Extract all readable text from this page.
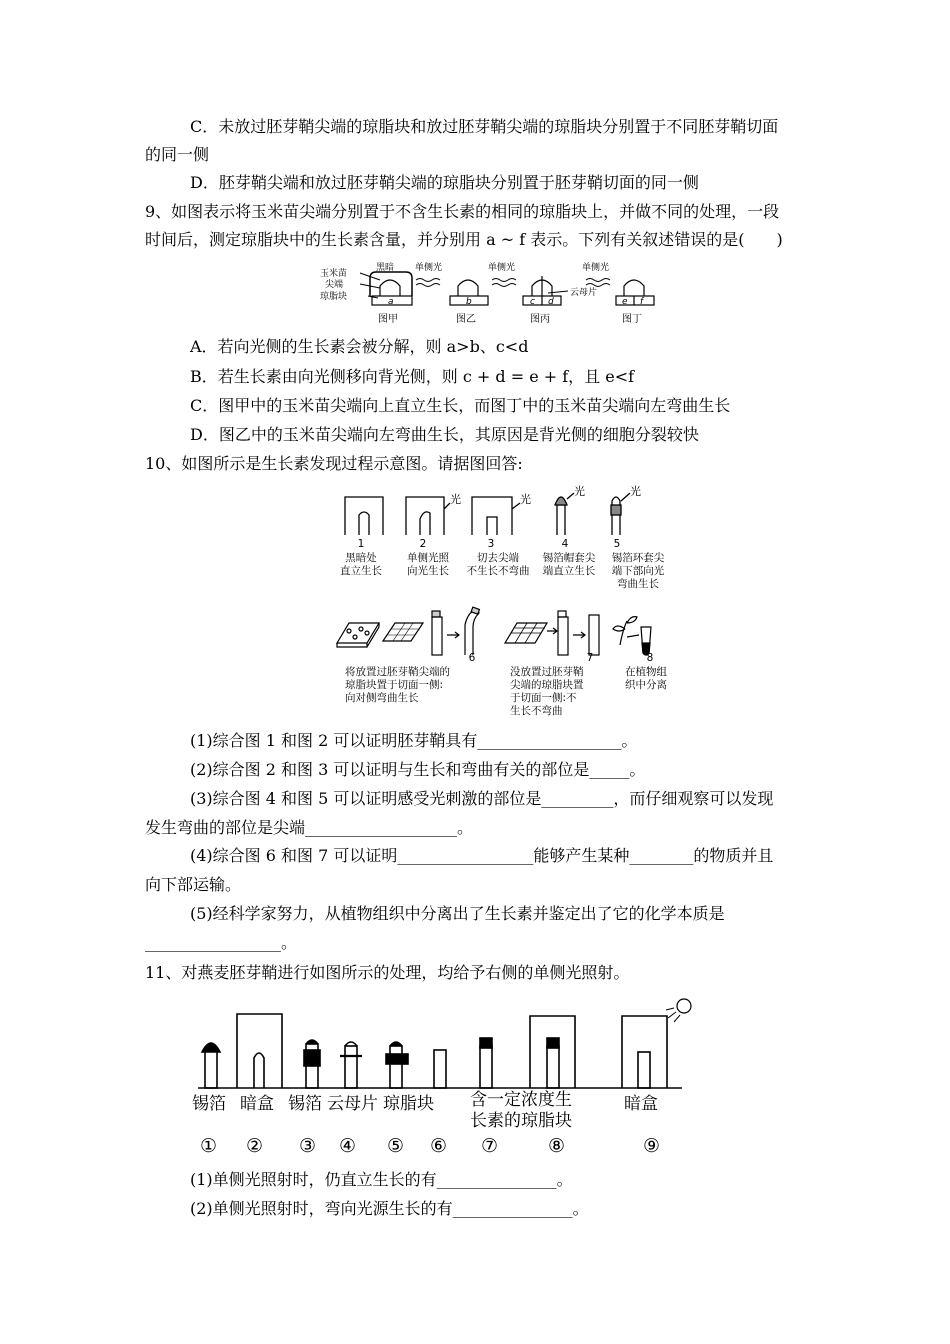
C．未放过胚芽鞘尖端的琼脂块和放过胚芽鞘尖端的琼脂块分别置于不同胚芽鞘切面
的同一侧
D．胚芽鞘尖端和放过胚芽鞘尖端的琼脂块分别置于胚芽鞘切面的同一侧
9、如图表示将玉米苗尖端分别置于不含生长素的相同的琼脂块上，并做不同的处理，一段
时间后，测定琼脂块中的生长素含量，并分别用 a ~ f 表示。下列有关叙述错误的是(　　)
玉米苗
尖端
琼脂块
黑暗 单侧光	单侧光	单侧光
云母片
a	b	c d	e f
图甲	图乙	图丙	图丁
A．若向光侧的生长素会被分解，则 a>b、c<d
B．若生长素由向光侧移向背光侧，则 c + d = e + f，且 e<f
C．图甲中的玉米苗尖端向上直立生长，而图丁中的玉米苗尖端向左弯曲生长
D．图乙中的玉米苗尖端向左弯曲生长，其原因是背光侧的细胞分裂较快
10、如图所示是生长素发现过程示意图。请据图回答:
光	光
光	光
1	2	3	4	5
黑暗处
直立生长
单侧光照
向光生长
切去尖端
不生长不弯曲
锡箔帽套尖
端直立生长
锡箔环套尖
端下部向光
弯曲生长
6	7	8
将放置过胚芽鞘尖端的
琼脂块置于切面一侧:
向对侧弯曲生长
没放置过胚芽鞘
尖端的琼脂块置
于切面一侧:不
生长不弯曲
在植物组
织中分离
(1)综合图 1 和图 2 可以证明胚芽鞘具有__________________。
(2)综合图 2 和图 3 可以证明与生长和弯曲有关的部位是_____。
(3)综合图 4 和图 5 可以证明感受光刺激的部位是_________，而仔细观察可以发现
发生弯曲的部位是尖端___________________。
(4)综合图 6 和图 7 可以证明_________________能够产生某种________的物质并且
向下部运输。
(5)经科学家努力，从植物组织中分离出了生长素并鉴定出了它的化学本质是
_________________。
11、对燕麦胚芽鞘进行如图所示的处理，均给予右侧的单侧光照射。
锡箔 暗盒 锡箔 云母片 琼脂块 含一定浓度生
长素的琼脂块
暗盒
① ② ③ ④ ⑤ ⑥ ⑦	⑧	⑨
(1)单侧光照射时，仍直立生长的有_______________。
(2)单侧光照射时，弯向光源生长的有_______________。
